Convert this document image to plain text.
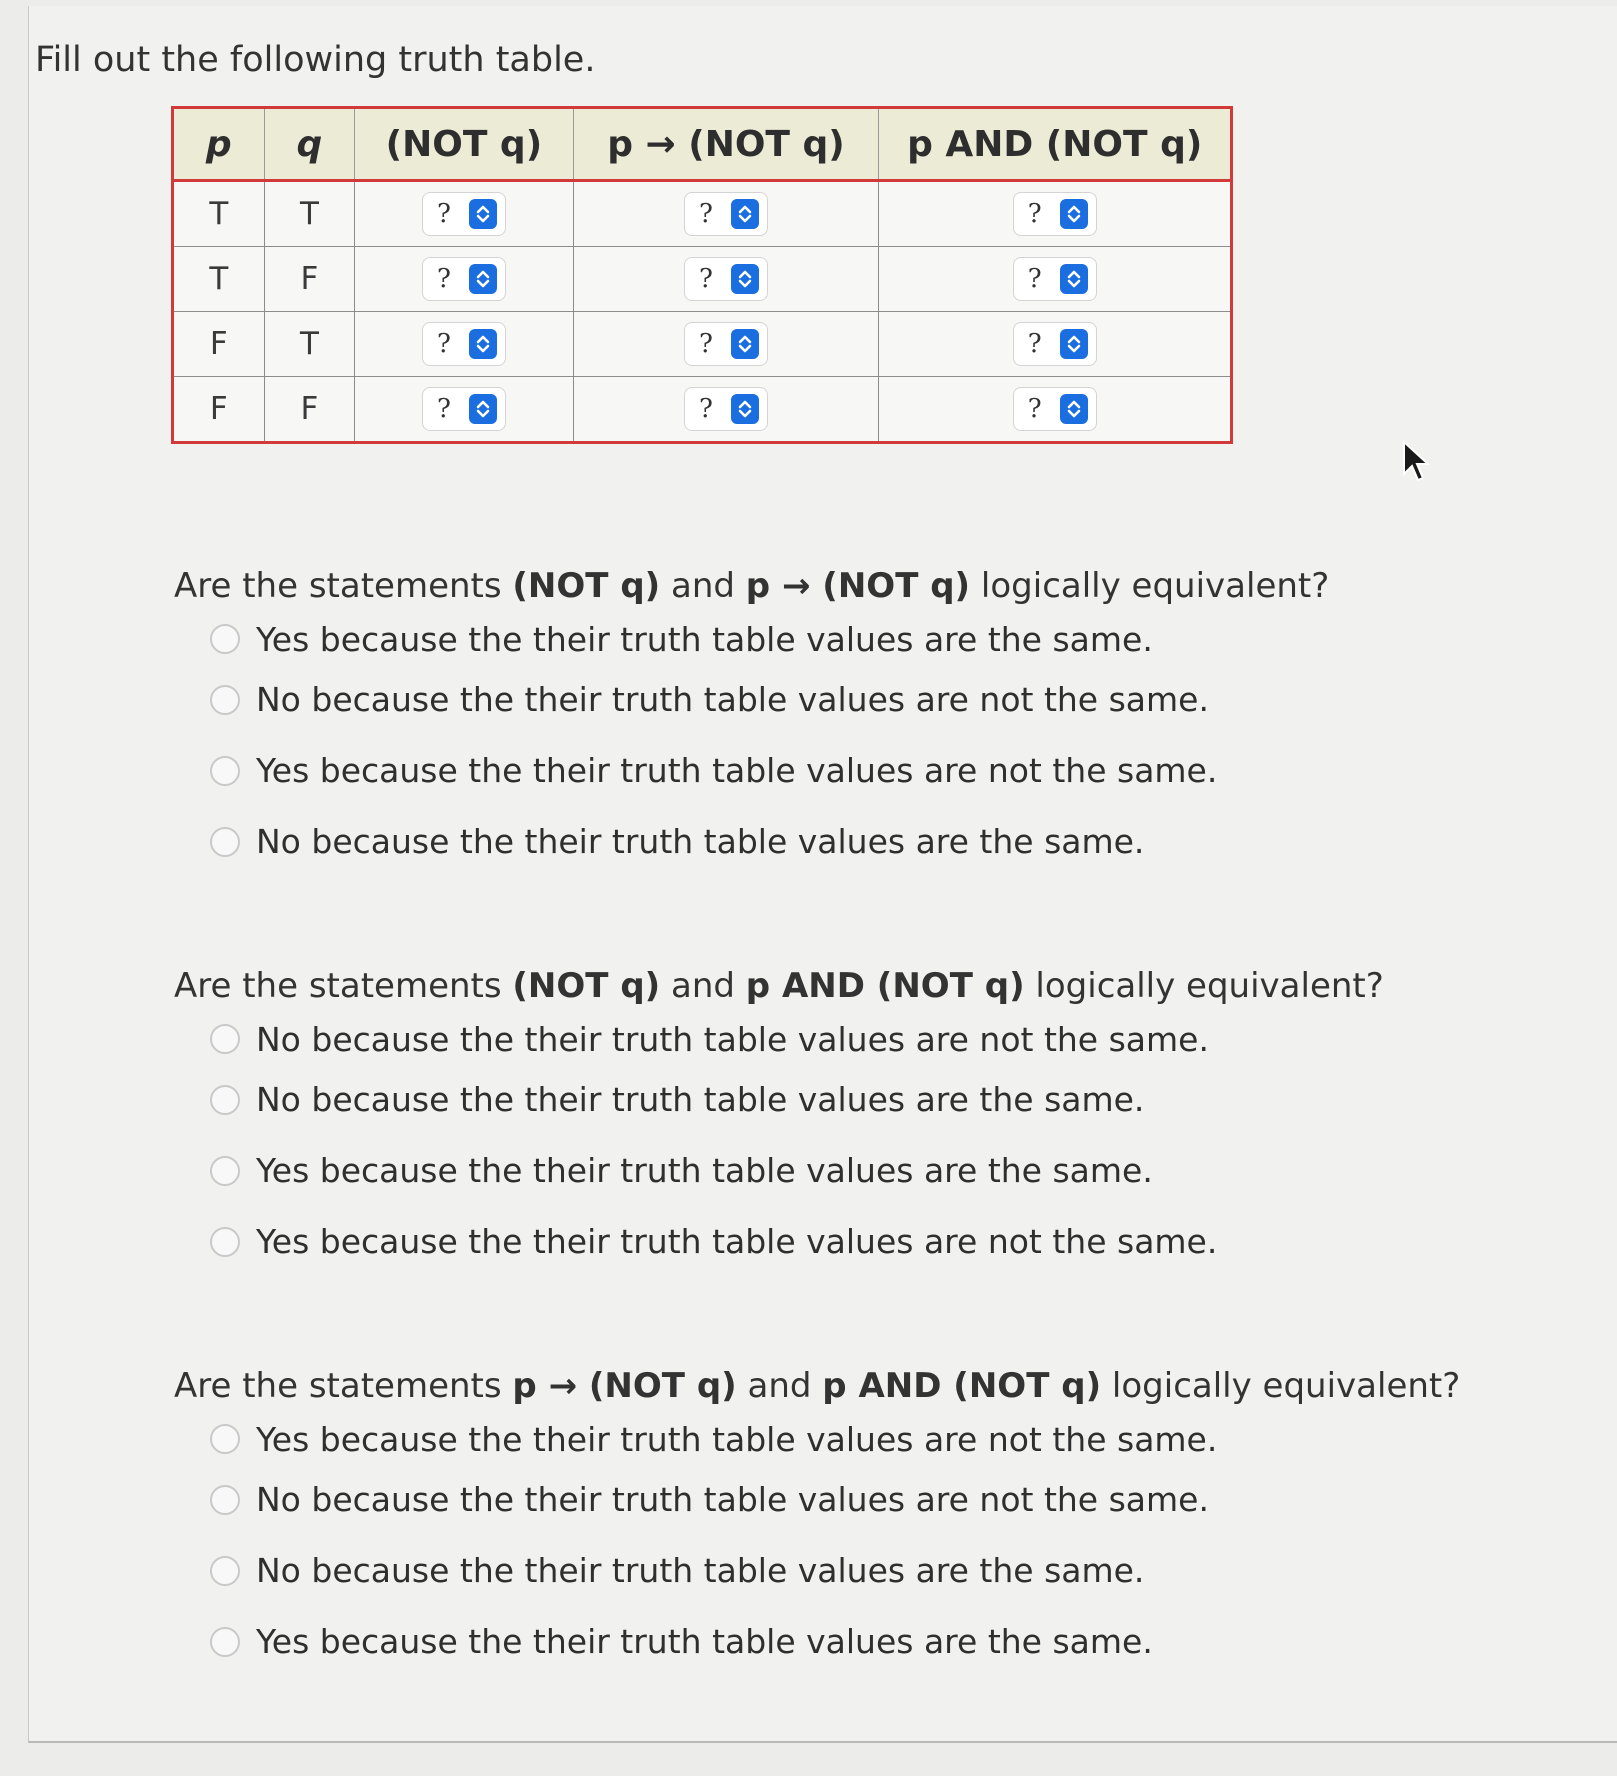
Fill out the following truth table.
p	q	(NOT q)	p → (NOT q)	p AND (NOT q)
T	T	?	?	?

T	F	?	?	?

F	T	?	?	?

F	F	?	?	?
Are the statements (NOT q) and p → (NOT q) logically equivalent?
Yes because the their truth table values are the same.
No because the their truth table values are not the same.
Yes because the their truth table values are not the same.
No because the their truth table values are the same.
Are the statements (NOT q) and p AND (NOT q) logically equivalent?
No because the their truth table values are not the same.
No because the their truth table values are the same.
Yes because the their truth table values are the same.
Yes because the their truth table values are not the same.
Are the statements p → (NOT q) and p AND (NOT q) logically equivalent?
Yes because the their truth table values are not the same.
No because the their truth table values are not the same.
No because the their truth table values are the same.
Yes because the their truth table values are the same.
